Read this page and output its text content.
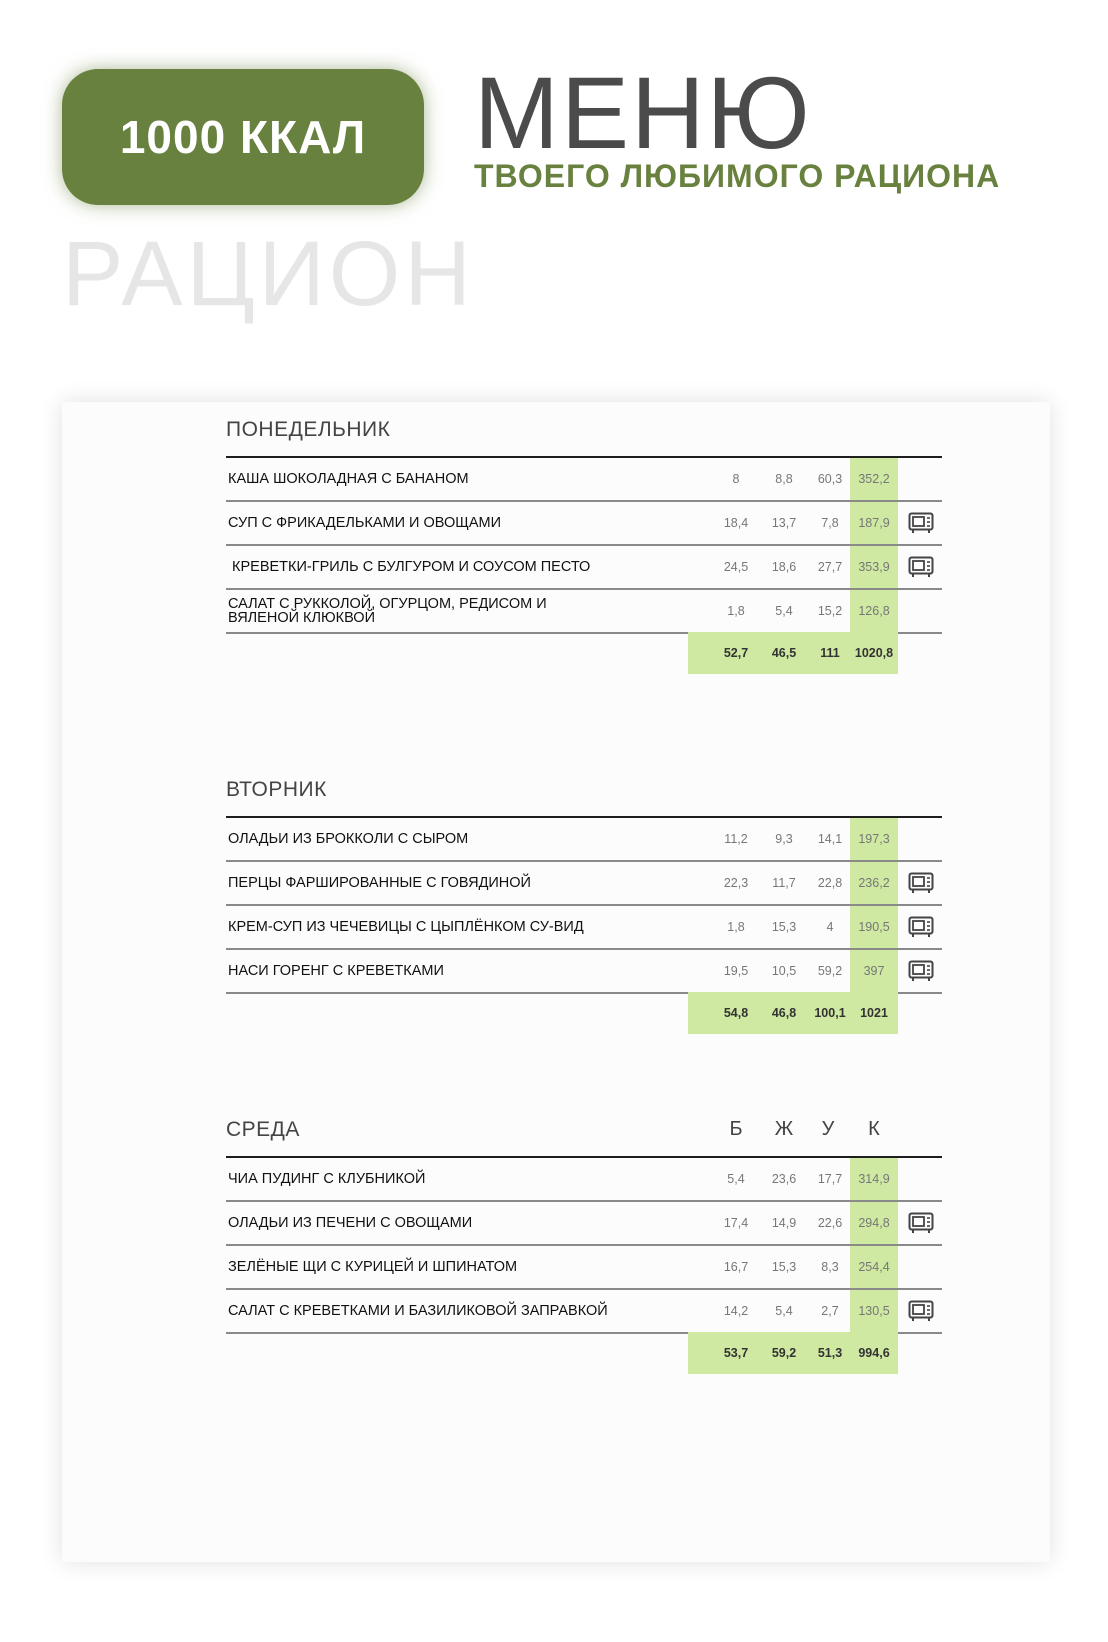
1000 ККАЛ	МЕНЮ
ТВОЕГО ЛЮБИМОГО РАЦИОНА
РАЦИОН
ПОНЕДЕЛЬНИК
КАША ШОКОЛАДНАЯ С БАНАНОМ	8	8,8	60,3	352,2
СУП С ФРИКАДЕЛЬКАМИ И ОВОЩАМИ	18,4	13,7	7,8	187,9
КРЕВЕТКИ-ГРИЛЬ С БУЛГУРОМ И СОУСОМ ПЕСТО	24,5	18,6	27,7	353,9
САЛАТ С РУККОЛОЙ, ОГУРЦОМ, РЕДИСОМ И ВЯЛЕНОЙ КЛЮКВОЙ	1,8	5,4	15,2	126,8
52,7	46,5	111	1020,8
ВТОРНИК
ОЛАДЬИ ИЗ БРОККОЛИ С СЫРОМ	11,2	9,3	14,1	197,3
ПЕРЦЫ ФАРШИРОВАННЫЕ С ГОВЯДИНОЙ	22,3	11,7	22,8	236,2
КРЕМ-СУП ИЗ ЧЕЧЕВИЦЫ С ЦЫПЛЁНКОМ СУ-ВИД	1,8	15,3	4	190,5
НАСИ ГОРЕНГ С КРЕВЕТКАМИ	19,5	10,5	59,2	397
54,8	46,8	100,1	1021
СРЕДА	Б	Ж	У	К
ЧИА ПУДИНГ С КЛУБНИКОЙ	5,4	23,6	17,7	314,9
ОЛАДЬИ ИЗ ПЕЧЕНИ С ОВОЩАМИ	17,4	14,9	22,6	294,8
ЗЕЛЁНЫЕ ЩИ С КУРИЦЕЙ И ШПИНАТОМ	16,7	15,3	8,3	254,4
САЛАТ С КРЕВЕТКАМИ И БАЗИЛИКОВОЙ ЗАПРАВКОЙ	14,2	5,4	2,7	130,5
53,7	59,2	51,3	994,6
